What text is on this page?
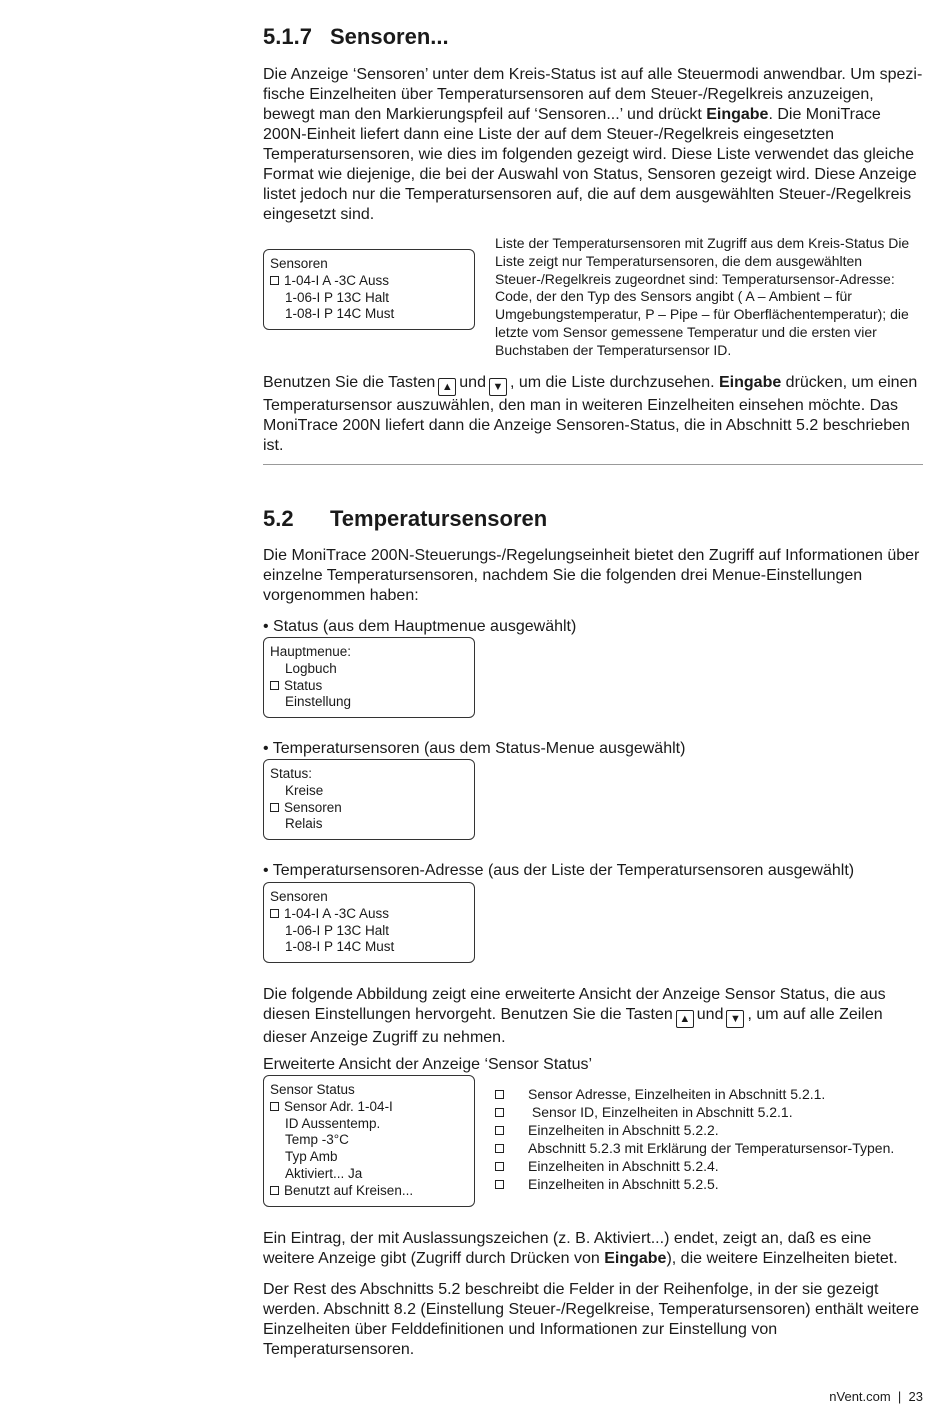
5.1.7 Sensoren...

Die Anzeige ‘Sensoren’ unter dem Kreis-Status ist auf alle Steuermodi anwendbar. Um spezi-fische Einzelheiten über Temperatursensoren auf dem Steuer-/Regelkreis anzuzeigen, bewegt man den Markierungspfeil auf ‘Sensoren...’ und drückt Eingabe. Die MoniTrace 200N-Einheit liefert dann eine Liste der auf dem Steuer-/Regelkreis eingesetzten Temperatursensoren, wie dies im folgenden gezeigt wird. Diese Liste verwendet das gleiche Format wie diejenige, die bei der Auswahl von Status, Sensoren gezeigt wird. Diese Anzeige listet jedoch nur die Temperatursensoren auf, die auf dem ausgewählten Steuer-/Regelkreis eingesetzt sind.

Sensoren
1-04-I A -3C Auss
1-06-I P 13C Halt
1-08-I P 14C Must
Liste der Temperatursensoren mit Zugriff aus dem Kreis-Status Die Liste zeigt nur Temperatursensoren, die dem ausgewählten Steuer-/Regelkreis zugeordnet sind: Temperatursensor-Adresse: Code, der den Typ des Sensors angibt ( A – Ambient – für Umgebungstemperatur, P – Pipe – für Oberflächentemperatur); die letzte vom Sensor gemessene Temperatur und die ersten vier Buchstaben der Temperatursensor ID.

Benutzen Sie die Tasten ▲ und ▼ , um die Liste durchzusehen. Eingabe drücken, um einen Temperatursensor auszuwählen, den man in weiteren Einzelheiten einsehen möchte. Das MoniTrace 200N liefert dann die Anzeige Sensoren-Status, die in Abschnitt 5.2 beschrieben ist.

5.2 Temperatursensoren

Die MoniTrace 200N-Steuerungs-/Regelungseinheit bietet den Zugriff auf Informationen über einzelne Temperatursensoren, nachdem Sie die folgenden drei Menue-Einstellungen vorgenommen haben:

• Status (aus dem Hauptmenue ausgewählt)

Hauptmenue:
Logbuch
Status
Einstellung

• Temperatursensoren (aus dem Status-Menue ausgewählt)

Status:
Kreise
Sensoren
Relais

• Temperatursensoren-Adresse (aus der Liste der Temperatursensoren ausgewählt)

Sensoren
1-04-I A -3C Auss
1-06-I P 13C Halt
1-08-I P 14C Must

Die folgende Abbildung zeigt eine erweiterte Ansicht der Anzeige Sensor Status, die aus diesen Einstellungen hervorgeht. Benutzen Sie die Tasten ▲ und ▼ , um auf alle Zeilen dieser Anzeige Zugriff zu nehmen.

Erweiterte Ansicht der Anzeige ‘Sensor Status’

Sensor Status
Sensor Adr. 1-04-I
ID Aussentemp.
Temp -3°C
Typ Amb
Aktiviert... Ja
Benutzt auf Kreisen...
Sensor Adresse, Einzelheiten in Abschnitt 5.2.1.
Sensor ID, Einzelheiten in Abschnitt 5.2.1.
Einzelheiten in Abschnitt 5.2.2.
Abschnitt 5.2.3 mit Erklärung der Temperatursensor-Typen.
Einzelheiten in Abschnitt 5.2.4.
Einzelheiten in Abschnitt 5.2.5.

Ein Eintrag, der mit Auslassungszeichen (z. B. Aktiviert...) endet, zeigt an, daß es eine weitere Anzeige gibt (Zugriff durch Drücken von Eingabe), die weitere Einzelheiten bietet.

Der Rest des Abschnitts 5.2 beschreibt die Felder in der Reihenfolge, in der sie gezeigt werden. Abschnitt 8.2 (Einstellung Steuer-/Regelkreise, Temperatursensoren) enthält weitere Einzelheiten über Felddefinitionen und Informationen zur Einstellung von Temperatursensoren.

nVent.com  |  23
